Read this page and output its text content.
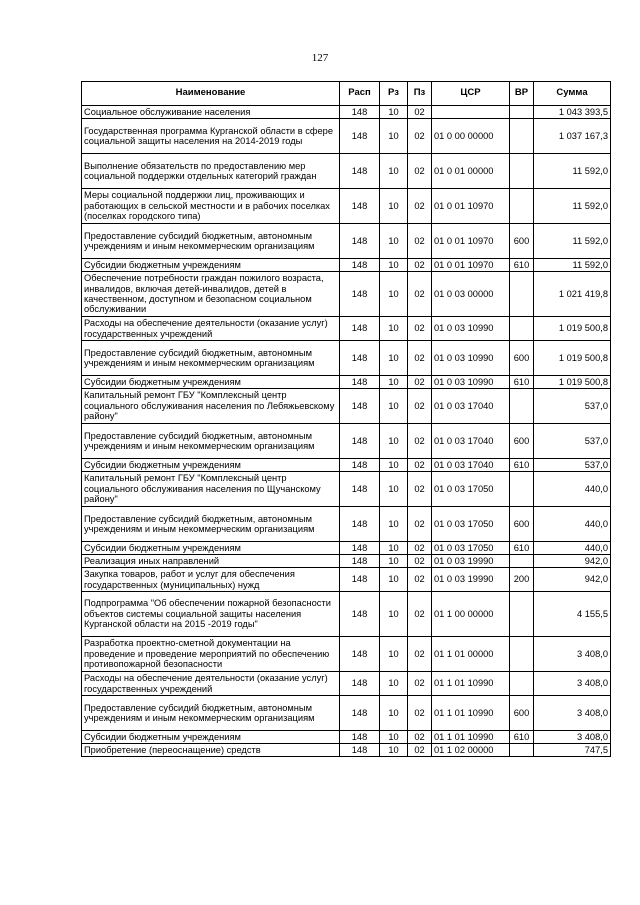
127
Наименование	Расп	Рз	Пз	ЦСР	ВР	Сумма
Социальное обслуживание населения	148	10	02			1 043 393,5
Государственная программа Курганской области в сфере социальной защиты населения на 2014-2019 годы	148	10	02	01 0 00 00000		1 037 167,3
Выполнение обязательств по предоставлению мер социальной поддержки отдельных категорий граждан	148	10	02	01 0 01 00000		11 592,0
Меры социальной поддержки лиц, проживающих и работающих в сельской местности и в рабочих поселках (поселках городского типа)	148	10	02	01 0 01 10970		11 592,0
Предоставление субсидий бюджетным, автономным учреждениям и иным некоммерческим организациям	148	10	02	01 0 01 10970	600	11 592,0
Субсидии бюджетным учреждениям	148	10	02	01 0 01 10970	610	11 592,0
Обеспечение потребности граждан пожилого возраста, инвалидов, включая детей-инвалидов, детей в качественном, доступном и безопасном социальном обслуживании	148	10	02	01 0 03 00000		1 021 419,8
Расходы на обеспечение деятельности (оказание услуг) государственных учреждений	148	10	02	01 0 03 10990		1 019 500,8
Предоставление субсидий бюджетным, автономным учреждениям и иным некоммерческим организациям	148	10	02	01 0 03 10990	600	1 019 500,8
Субсидии бюджетным учреждениям	148	10	02	01 0 03 10990	610	1 019 500,8
Капитальный ремонт ГБУ "Комплексный центр социального обслуживания населения по Лебяжьевскому району"	148	10	02	01 0 03 17040		537,0
Предоставление субсидий бюджетным, автономным учреждениям и иным некоммерческим организациям	148	10	02	01 0 03 17040	600	537,0
Субсидии бюджетным учреждениям	148	10	02	01 0 03 17040	610	537,0
Капитальный ремонт ГБУ "Комплексный центр социального обслуживания населения по Щучанскому району"	148	10	02	01 0 03 17050		440,0
Предоставление субсидий бюджетным, автономным учреждениям и иным некоммерческим организациям	148	10	02	01 0 03 17050	600	440,0
Субсидии бюджетным учреждениям	148	10	02	01 0 03 17050	610	440,0
Реализация иных направлений	148	10	02	01 0 03 19990		942,0
Закупка товаров, работ и услуг для обеспечения государственных (муниципальных) нужд	148	10	02	01 0 03 19990	200	942,0
Подпрограмма "Об обеспечении пожарной безопасности объектов системы социальной защиты населения Курганской области на 2015 -2019 годы"	148	10	02	01 1 00 00000		4 155,5
Разработка проектно-сметной документации на проведение и проведение мероприятий по обеспечению противопожарной безопасности	148	10	02	01 1 01 00000		3 408,0
Расходы на обеспечение деятельности (оказание услуг) государственных учреждений	148	10	02	01 1 01 10990		3 408,0
Предоставление субсидий бюджетным, автономным учреждениям и иным некоммерческим организациям	148	10	02	01 1 01 10990	600	3 408,0
Субсидии бюджетным учреждениям	148	10	02	01 1 01 10990	610	3 408,0
Приобретение (переоснащение) средств	148	10	02	01 1 02 00000		747,5
